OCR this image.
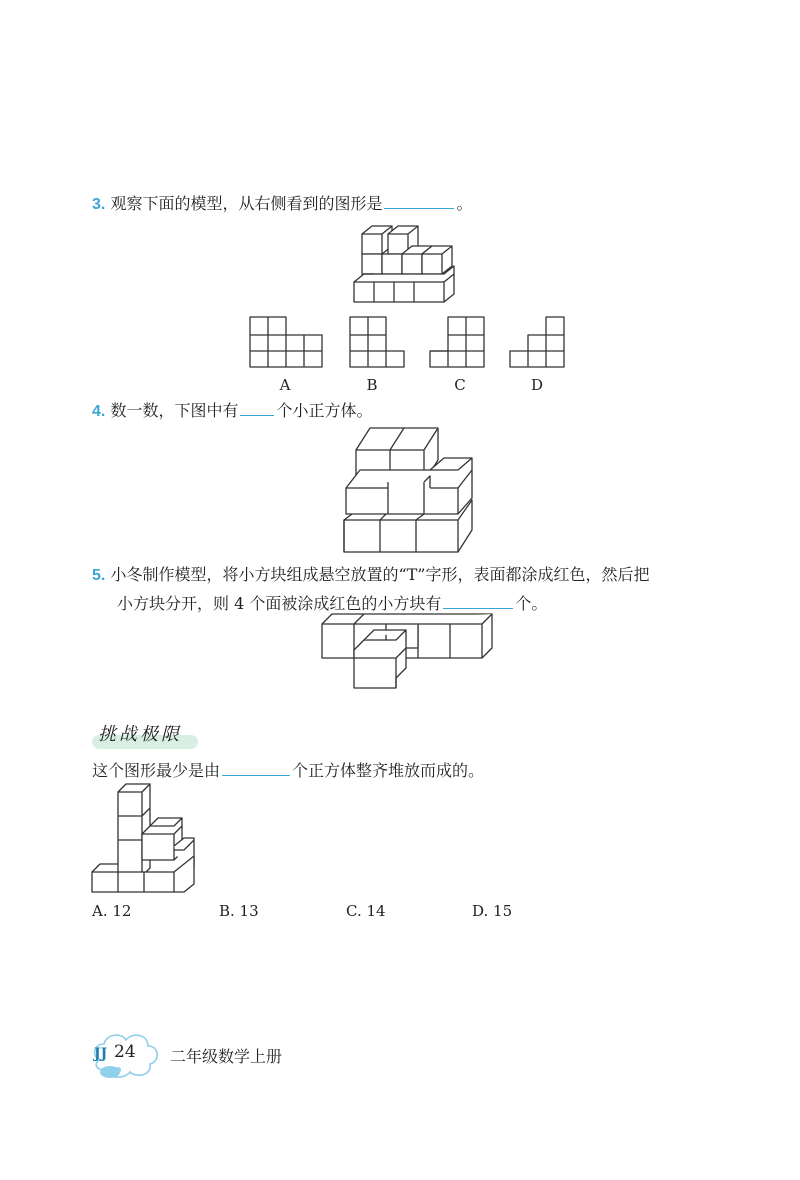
3. 观察下面的模型，从右侧看到的图形是	。
A	B	C	D
4. 数一数，下图中有 个小正方体。
5. 小冬制作模型，将小方块组成悬空放置的“T”字形，表面都涂成红色，然后把
小方块分开，则 4 个面被涂成红色的小方块有	个。
挑战极限
这个图形最少是由	个正方体整齐堆放而成的。
A. 12	B. 13	C. 14	D. 15
JJ 24 二年级数学上册
